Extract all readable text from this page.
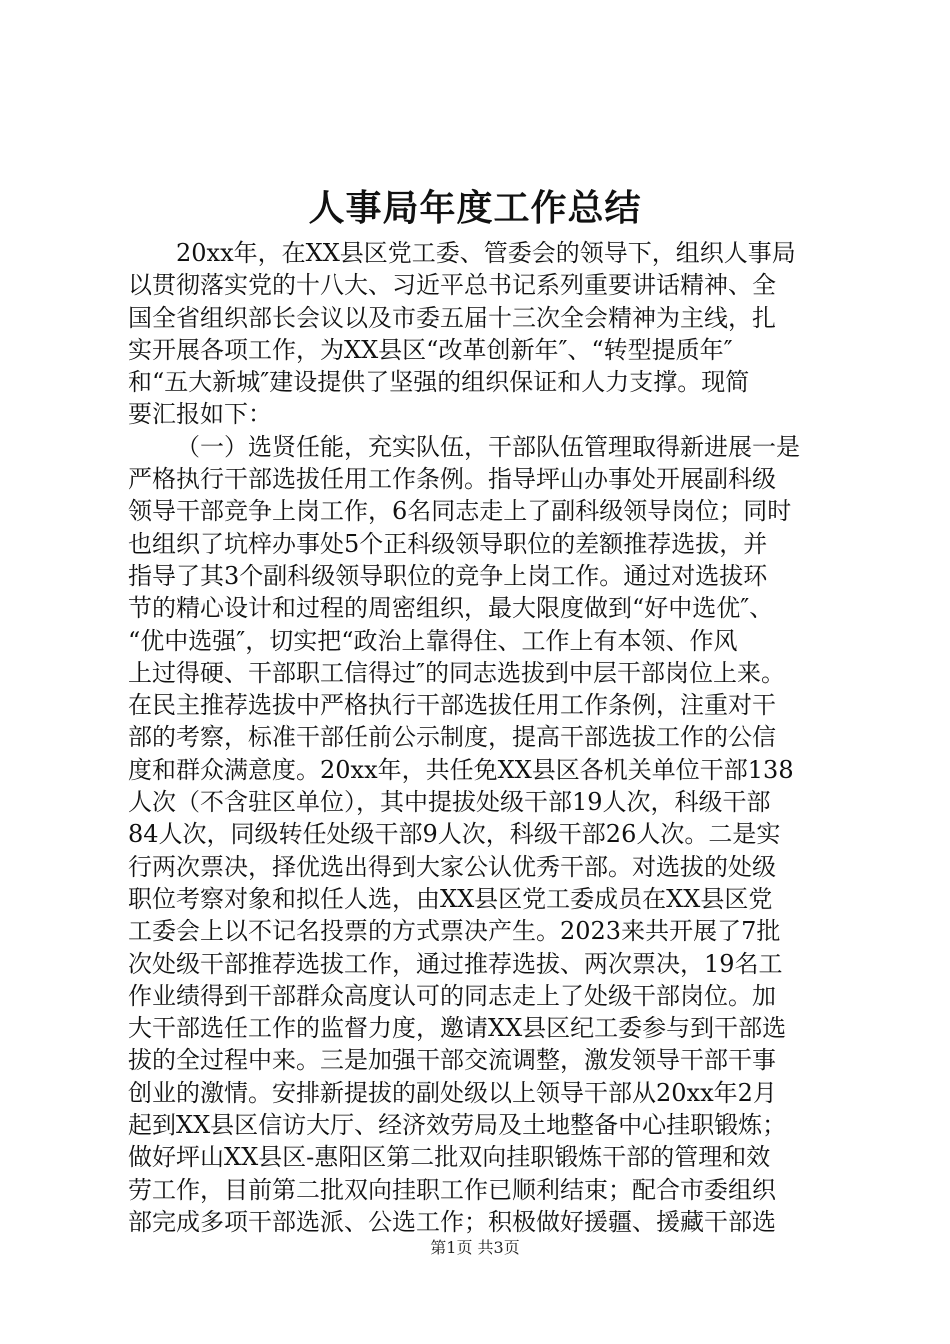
人事局年度工作总结
20xx年，在XX县区党工委、管委会的领导下，组织人事局
以贯彻落实党的十八大、习近平总书记系列重要讲话精神、全
国全省组织部长会议以及市委五届十三次全会精神为主线，扎
实开展各项工作，为XX县区“改革创新年″、“转型提质年″
和“五大新城″建设提供了坚强的组织保证和人力支撑。现简
要汇报如下：
（一）选贤任能，充实队伍，干部队伍管理取得新进展一是
严格执行干部选拔任用工作条例。指导坪山办事处开展副科级
领导干部竞争上岗工作，6名同志走上了副科级领导岗位；同时
也组织了坑梓办事处5个正科级领导职位的差额推荐选拔，并
指导了其3个副科级领导职位的竞争上岗工作。通过对选拔环
节的精心设计和过程的周密组织，最大限度做到“好中选优″、
“优中选强″，切实把“政治上靠得住、工作上有本领、作风
上过得硬、干部职工信得过″的同志选拔到中层干部岗位上来。
在民主推荐选拔中严格执行干部选拔任用工作条例，注重对干
部的考察，标准干部任前公示制度，提高干部选拔工作的公信
度和群众满意度。20xx年，共任免XX县区各机关单位干部138
人次（不含驻区单位），其中提拔处级干部19人次，科级干部
84人次，同级转任处级干部9人次，科级干部26人次。二是实
行两次票决，择优选出得到大家公认优秀干部。对选拔的处级
职位考察对象和拟任人选，由XX县区党工委成员在XX县区党
工委会上以不记名投票的方式票决产生。2023来共开展了7批
次处级干部推荐选拔工作，通过推荐选拔、两次票决，19名工
作业绩得到干部群众高度认可的同志走上了处级干部岗位。加
大干部选任工作的监督力度，邀请XX县区纪工委参与到干部选
拔的全过程中来。三是加强干部交流调整，激发领导干部干事
创业的激情。安排新提拔的副处级以上领导干部从20xx年2月
起到XX县区信访大厅、经济效劳局及土地整备中心挂职锻炼；
做好坪山XX县区-惠阳区第二批双向挂职锻炼干部的管理和效
劳工作，目前第二批双向挂职工作已顺利结束；配合市委组织
部完成多项干部选派、公选工作；积极做好援疆、援藏干部选
第1页 共3页
